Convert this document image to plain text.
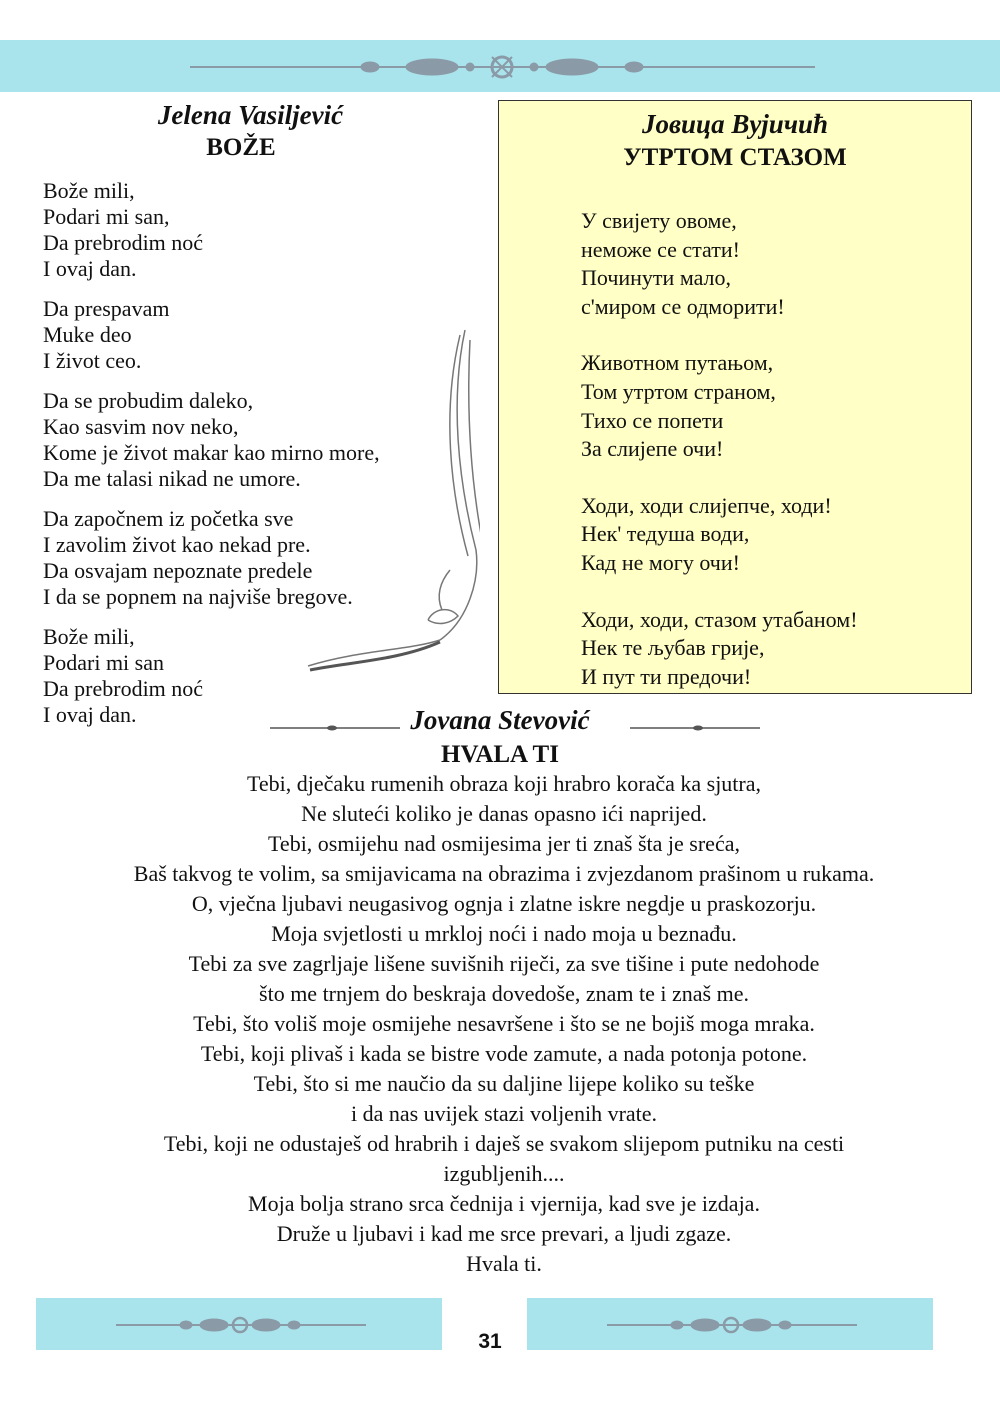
Jelena Vasiljević
BOŽE
Bože mili,
Podari mi san,
Da prebrodim noć
I ovaj dan.
Da prespavam
Muke deo
I život ceo.
Da se probudim daleko,
Kao sasvim nov neko,
Kome je život makar kao mirno more,
Da me talasi nikad ne umore.
Da započnem iz početka sve
I zavolim život kao nekad pre.
Da osvajam nepoznate predele
I da se popnem na najviše bregove.
Bože mili,
Podari mi san
Da prebrodim noć
I ovaj dan.
Јовица Вујичић
УТРТОМ СТАЗОМ
У свијету овоме,
неможе се стати!
Починути мало,
с'миром се одморити!
Животном путањом,
Том утртом страном,
Тихо се попети
За слијепе очи!
Ходи, ходи слијепче, ходи!
Нек' тедуша води,
Кад не могу очи!
Ходи, ходи, стазом утабаном!
Нек те љубав грије,
И пут ти предочи!
Jovana Stevović
HVALA TI
Tebi, dječaku rumenih obraza koji hrabro korača ka sjutra,
Ne sluteći koliko je danas opasno ići naprijed.
Tebi, osmijehu nad osmijesima jer ti znaš šta je sreća,
Baš takvog te volim, sa smijavicama na obrazima i zvjezdanom prašinom u rukama.
O, vječna ljubavi neugasivog ognja i zlatne iskre negdje u praskozorju.
Moja svjetlosti u mrkloj noći i nado moja u beznađu.
Tebi za sve zagrljaje lišene suvišnih riječi, za sve tišine i pute nedohode
što me trnjem do beskraja dovedoše, znam te i znaš me.
Tebi, što voliš moje osmijehe nesavršene i što se ne bojiš moga mraka.
Tebi, koji plivaš i kada se bistre vode zamute, a nada potonja potone.
Tebi, što si me naučio da su daljine lijepe koliko su teške
i da nas uvijek stazi voljenih vrate.
Tebi, koji ne odustaješ od hrabrih i daješ se svakom slijepom putniku na cesti
izgubljenih....
Moja bolja strano srca čednija i vjernija, kad sve je izdaja.
Druže u ljubavi i kad me srce prevari, a ljudi zgaze.
Hvala ti.
31
